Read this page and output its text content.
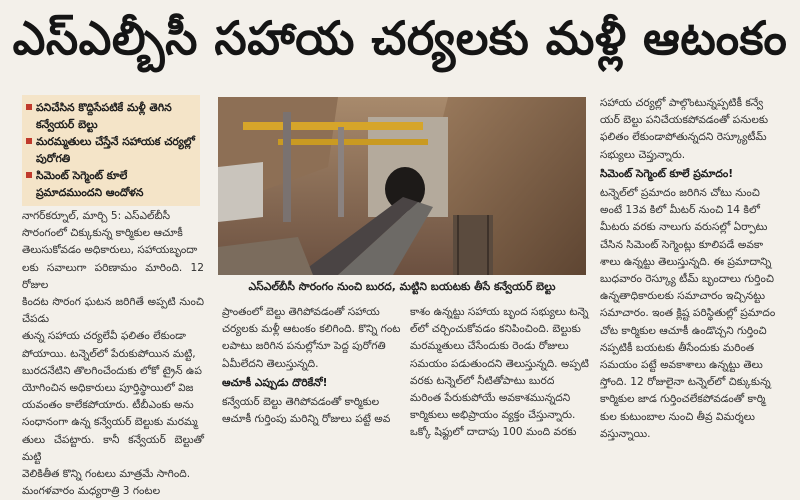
ఎస్ఎల్బీసీ సహాయ చర్యలకు మళ్లీ ఆటంకం
పనిచేసిన కొద్దిసేపటికే మళ్లీ తెగిన కన్వేయర్ బెల్టు
మరమ్మతులు చేస్తేనే సహాయక చర్యల్లో పురోగతి
సిమెంట్ సెగ్మెంట్ కూలే ప్రమాదముందని ఆందోళన

నాగర్‌కర్నూల్, మార్చి 5: ఎస్ఎల్‌బీసీ

సొరంగంలో చిక్కుకున్న కార్మికుల ఆచూకీ

తెలుసుకోవడం అధికారులు, సహాయబృందా

లకు సవాలుగా పరిణామం మారింది. 12 రోజుల

కిందట సొరంగ ఘటన జరిగితే అప్పటి నుంచి చేపడు

తున్న సహాయ చర్యలేవీ ఫలితం లేకుండా

పోయాయి. టన్నెల్‌లో పేరుకుపోయిన మట్టి,

బురదనేటిని తొలగించేందుకు లోకో ట్రైన్ ఉప

యోగించిన అధికారులు పూర్తిస్థాయిలో విజ

యవంతం కాలేకపోయారు. టీబీఎంకు అను

సంధానంగా ఉన్న కన్వేయర్ బెల్టుకు మరమ్మ

తులు చేపట్టారు. కానీ కన్వేయర్ బెల్టుతో మట్టి

వెలికితీత కొన్ని గంటలు మాత్రమే సాగింది.

మంగళవారం మధ్యరాత్రి 3 గంటల

ఎస్ఎల్‌బీసీ సొరంగం నుంచి బురద, మట్టిని బయటకు తీసే కన్వేయర్ బెల్టు

ప్రాంతంలో బెల్టు తెగిపోవడంతో సహాయ

చర్యలకు మళ్లీ ఆటంకం కలిగింది. కొన్ని గంట

లపాటు జరిగిన పనుల్లోనూ పెద్ద పురోగతి

ఏమీలేదని తెలుస్తున్నది.

ఆచూకీ ఎప్పుడు దొరికేనో!

కన్వేయర్ బెల్టు తెగిపోవడంతో కార్మికుల

ఆచూకీ గుర్తింపు మరిన్ని రోజులు పట్టే అవ

కాశం ఉన్నట్టు సహాయ బృంద సభ్యులు టన్నె

ల్‌లో చర్చించుకోవడం కనిపించింది. బెల్టుకు

మరమ్మతులు చేసేందుకు రెండు రోజులు

సమయం పడుతుందని తెలుస్తున్నది. అప్పటి

వరకు టన్నెల్‌లో నీటితోపాటు బురద

మరింత పేరుకుపోయే అవకాశమున్నదని

కార్మికులు అభిప్రాయం వ్యక్తం చేస్తున్నారు.

ఒక్కో షిఫ్టులో దాదాపు 100 మంది వరకు

సహాయ చర్యల్లో పాల్గొంటున్నప్పటికీ కన్వే

యర్ బెల్టు పనిచేయకపోవడంతో పనులకు

ఫలితం లేకుండాపోతున్నదని రెస్క్యూటీమ్

సభ్యులు చెప్తున్నారు.

సిమెంట్ సెగ్మెంట్ కూలే ప్రమాదం!

టన్నెల్‌లో ప్రమాదం జరిగిన చోటు నుంచి

అంటే 13వ కిలో మీటర్ నుంచి 14 కిలో

మీటరు వరకు నాలుగు వరుసల్లో ఏర్పాటు

చేసిన సిమెంట్ సెగ్మెంట్లు కూలిపడే అవకా

శాలు ఉన్నట్టు తెలుస్తున్నది. ఈ ప్రమాదాన్ని

బుధవారం రెస్క్యూ టీమ్ బృందాలు గుర్తించి

ఉన్నతాధికారులకు సమాచారం ఇచ్చినట్టు

సమాచారం. ఇంత క్లిష్ట పరిస్థితుల్లో ప్రమాదం

చోట కార్మికుల ఆచూకీ ఉండొచ్చని గుర్తించి

నప్పటికీ బయటకు తీసేందుకు మరింత

సమయం పట్టే అవకాశాలు ఉన్నట్టు తెలు

స్తోంది. 12 రోజులైనా టన్నెల్‌లో చిక్కుకున్న

కార్మికుల జాడ గుర్తించలేకపోవడంతో కార్మి

కుల కుటుంబాల నుంచి తీవ్ర విమర్శలు

వస్తున్నాయి.
